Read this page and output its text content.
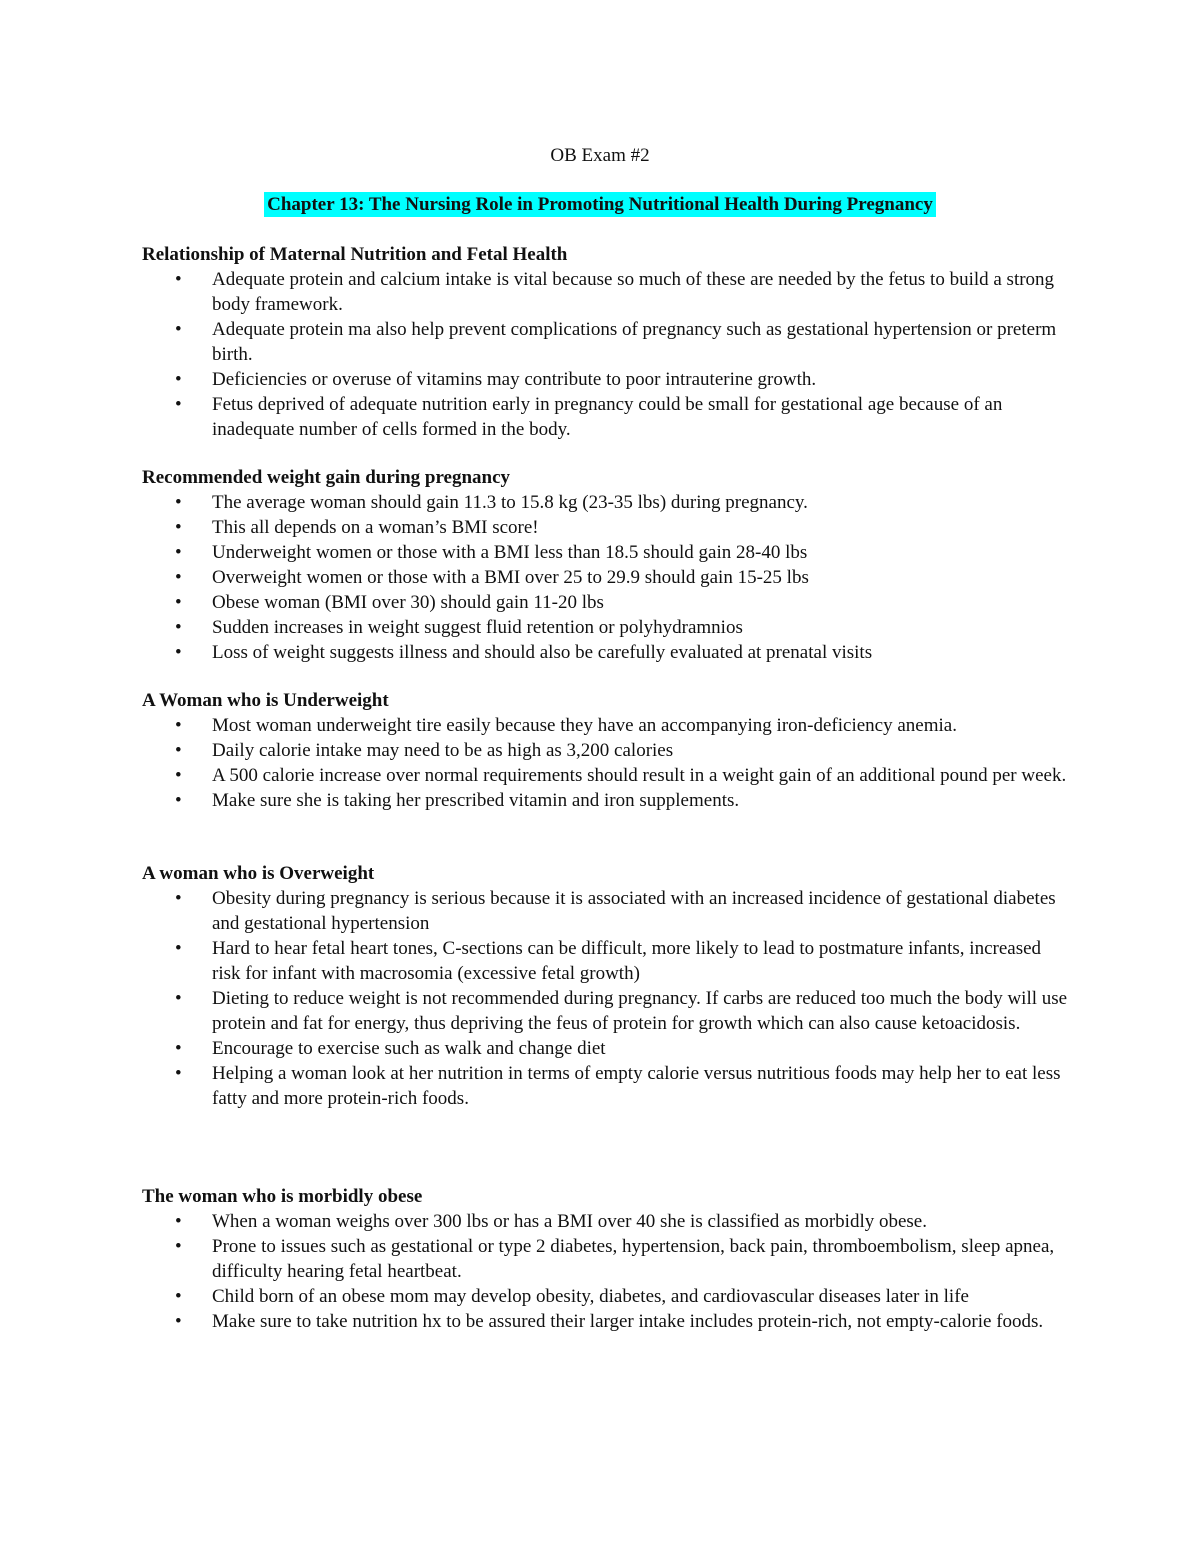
OB Exam #2
Chapter 13: The Nursing Role in Promoting Nutritional Health During Pregnancy

Relationship of Maternal Nutrition and Fetal Health

• Adequate protein and calcium intake is vital because so much of these are needed by the fetus to build a strong body framework.
• Adequate protein ma also help prevent complications of pregnancy such as gestational hypertension or preterm birth.
• Deficiencies or overuse of vitamins may contribute to poor intrauterine growth.
• Fetus deprived of adequate nutrition early in pregnancy could be small for gestational age because of an inadequate number of cells formed in the body.

Recommended weight gain during pregnancy

• The average woman should gain 11.3 to 15.8 kg (23-35 lbs) during pregnancy.
• This all depends on a woman’s BMI score!
• Underweight women or those with a BMI less than 18.5 should gain 28-40 lbs
• Overweight women or those with a BMI over 25 to 29.9 should gain 15-25 lbs
• Obese woman (BMI over 30) should gain 11-20 lbs
• Sudden increases in weight suggest fluid retention or polyhydramnios
• Loss of weight suggests illness and should also be carefully evaluated at prenatal visits

A Woman who is Underweight

• Most woman underweight tire easily because they have an accompanying iron-deficiency anemia.
• Daily calorie intake may need to be as high as 3,200 calories
• A 500 calorie increase over normal requirements should result in a weight gain of an additional pound per week.
• Make sure she is taking her prescribed vitamin and iron supplements.

A woman who is Overweight

• Obesity during pregnancy is serious because it is associated with an increased incidence of gestational diabetes and gestational hypertension
• Hard to hear fetal heart tones, C-sections can be difficult, more likely to lead to postmature infants, increased risk for infant with macrosomia (excessive fetal growth)
• Dieting to reduce weight is not recommended during pregnancy. If carbs are reduced too much the body will use protein and fat for energy, thus depriving the feus of protein for growth which can also cause ketoacidosis.
• Encourage to exercise such as walk and change diet
• Helping a woman look at her nutrition in terms of empty calorie versus nutritious foods may help her to eat less fatty and more protein-rich foods.

The woman who is morbidly obese

• When a woman weighs over 300 lbs or has a BMI over 40 she is classified as morbidly obese.
• Prone to issues such as gestational or type 2 diabetes, hypertension, back pain, thromboembolism, sleep apnea, difficulty hearing fetal heartbeat.
• Child born of an obese mom may develop obesity, diabetes, and cardiovascular diseases later in life
• Make sure to take nutrition hx to be assured their larger intake includes protein-rich, not empty-calorie foods.
